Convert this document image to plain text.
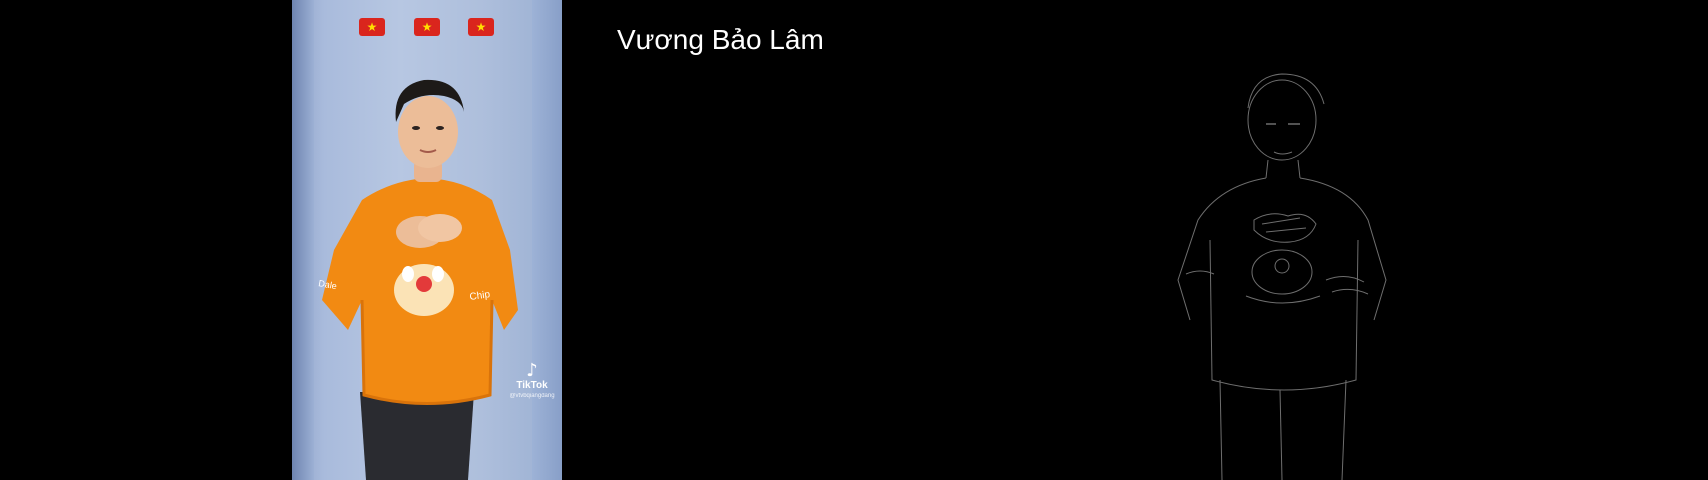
★	★	★
Chip
Dale
♪
TikTok
@vtvbqiangdang
Vương Bảo Lâm
